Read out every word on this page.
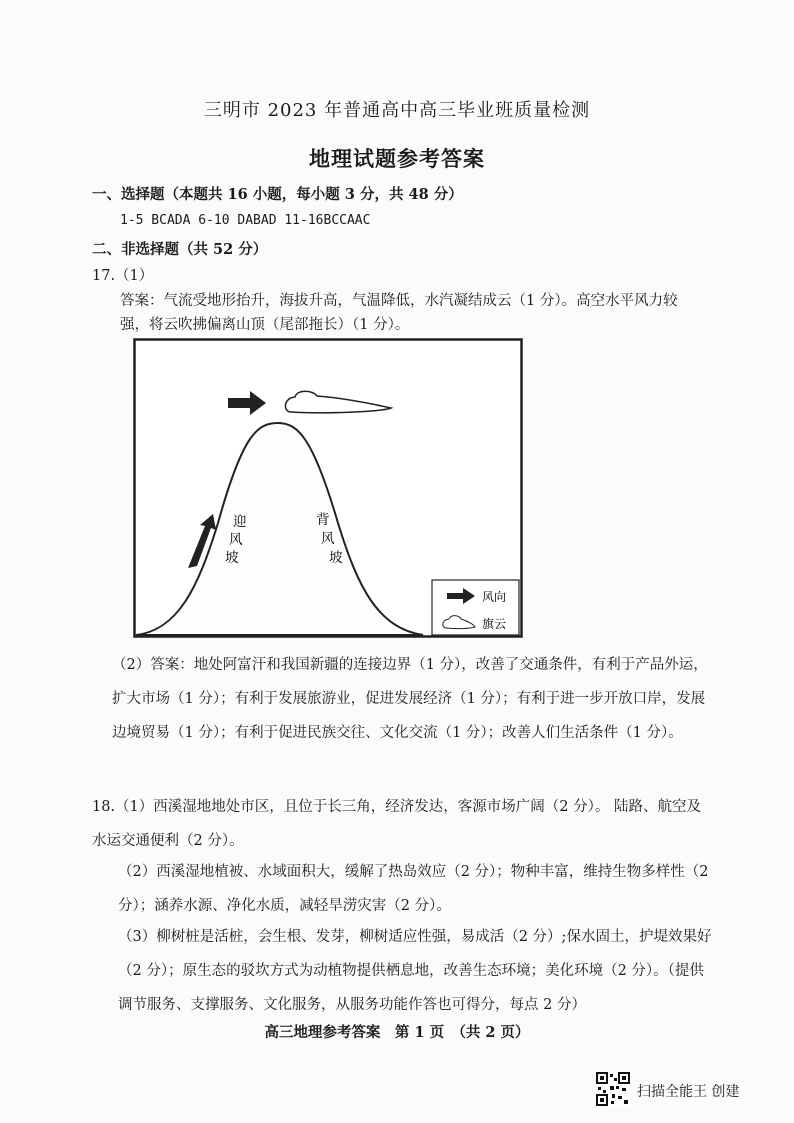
三明市 2023 年普通高中高三毕业班质量检测
地理试题参考答案
一、选择题（本题共 16 小题，每小题 3 分，共 48 分）
1-5 BCADA 6-10 DABAD 11-16BCCAAC
二、非选择题（共 52 分）
17.（1）
答案：气流受地形抬升，海拔升高，气温降低，水汽凝结成云（1 分）。高空水平风力较
强，将云吹拂偏离山顶（尾部拖长）（1 分）。
迎
风
坡
背
风
坡
风向
旗云
（2）答案：地处阿富汗和我国新疆的连接边界（1 分），改善了交通条件，有利于产品外运，扩大市场（1 分）；有利于发展旅游业，促进发展经济（1 分）；有利于进一步开放口岸，发展边境贸易（1 分）；有利于促进民族交往、文化交流（1 分）；改善人们生活条件（1 分）。
18.（1）西溪湿地地处市区，且位于长三角，经济发达，客源市场广阔（2 分）。 陆路、航空及水运交通便利（2 分）。
（2）西溪湿地植被、水域面积大，缓解了热岛效应（2 分）；物种丰富，维持生物多样性（2 分）；涵养水源、净化水质，减轻旱涝灾害（2 分）。
（3）柳树桩是活桩，会生根、发芽，柳树适应性强，易成活（2 分）;保水固土，护堤效果好（2 分）；原生态的驳坎方式为动植物提供栖息地，改善生态环境；美化环境（2 分）。（提供调节服务、支撑服务、文化服务，从服务功能作答也可得分，每点 2 分）
高三地理参考答案　第 1 页　（共 2 页）
扫描全能王 创建
